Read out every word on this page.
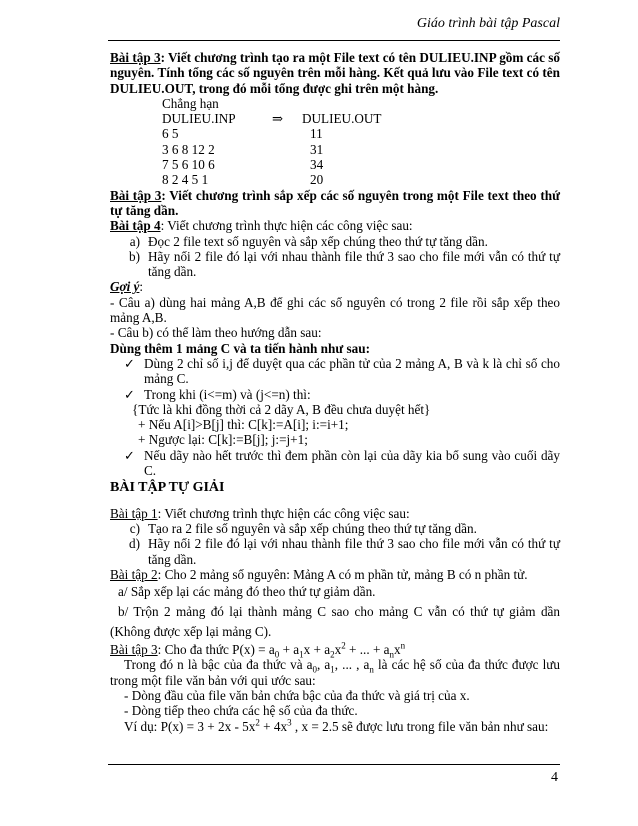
Giáo trình bài tập Pascal

Bài tập 3: Viết chương trình tạo ra một File text có tên DULIEU.INP gồm các số nguyên. Tính tổng các số nguyên trên mỗi hàng. Kết quả lưu vào File text có tên DULIEU.OUT, trong đó mỗi tổng được ghi trên một hàng.

Chẳng hạn
DULIEU.INP	⇒	DULIEU.OUT
6 5	11
3 6 8 12 2	31
7 5 6 10 6	34
8 2 4 5 1	20

Bài tập 3: Viết chương trình sắp xếp các số nguyên trong một File text theo thứ tự tăng dần.

Bài tập 4: Viết chương trình thực hiện các công việc sau:

a) Đọc 2 file text số nguyên và sắp xếp chúng theo thứ tự tăng dần.
b) Hãy nối 2 file đó lại với nhau thành file thứ 3 sao cho file mới vẫn có thứ tự tăng dần.

Gợi ý:

- Câu a) dùng hai mảng A,B để ghi các số nguyên có trong 2 file rồi sắp xếp theo mảng A,B.

- Câu b) có thể làm theo hướng dẫn sau:

Dùng thêm 1 mảng C và ta tiến hành như sau:

✓ Dùng 2 chỉ số i,j để duyệt qua các phần tử của 2 mảng A, B và k là chỉ số cho mảng C.
✓ Trong khi (i<=m) và (j<=n) thì:
{Tức là khi đồng thời cả 2 dãy A, B đều chưa duyệt hết}
+ Nếu A[i]>B[j] thì: C[k]:=A[i]; i:=i+1;
+ Ngược lại: C[k]:=B[j]; j:=j+1;
✓ Nếu dãy nào hết trước thì đem phần còn lại của dãy kia bổ sung vào cuối dãy C.

BÀI TẬP TỰ GIẢI

Bài tập 1: Viết chương trình thực hiện các công việc sau:

c) Tạo ra 2 file số nguyên và sắp xếp chúng theo thứ tự tăng dần.
d) Hãy nối 2 file đó lại với nhau thành file thứ 3 sao cho file mới vẫn có thứ tự tăng dần.

Bài tập 2: Cho 2 mảng số nguyên: Mảng A có m phần tử, mảng B có n phần tử.

a/ Sắp xếp lại các mảng đó theo thứ tự giảm dần.

b/ Trộn 2 mảng đó lại thành mảng C sao cho mảng C vẫn có thứ tự giảm dần (Không được xếp lại mảng C).

Bài tập 3: Cho đa thức $P(x) = a_0 + a_1x + a_2x^2$ + ... + $a_nx^n$

Trong đó n là bậc của đa thức và $a_0$, $a_1$, ... , $a_n$ là các hệ số của đa thức được lưu trong một file văn bản với qui ước sau:

- Dòng đầu của file văn bản chứa bậc của đa thức và giá trị của x.
- Dòng tiếp theo chứa các hệ số của đa thức.
Ví dụ: $P(x) = 3 + 2x - 5x^2 + 4x^3$ , x = 2.5 sẽ được lưu trong file văn bản như sau:
4
